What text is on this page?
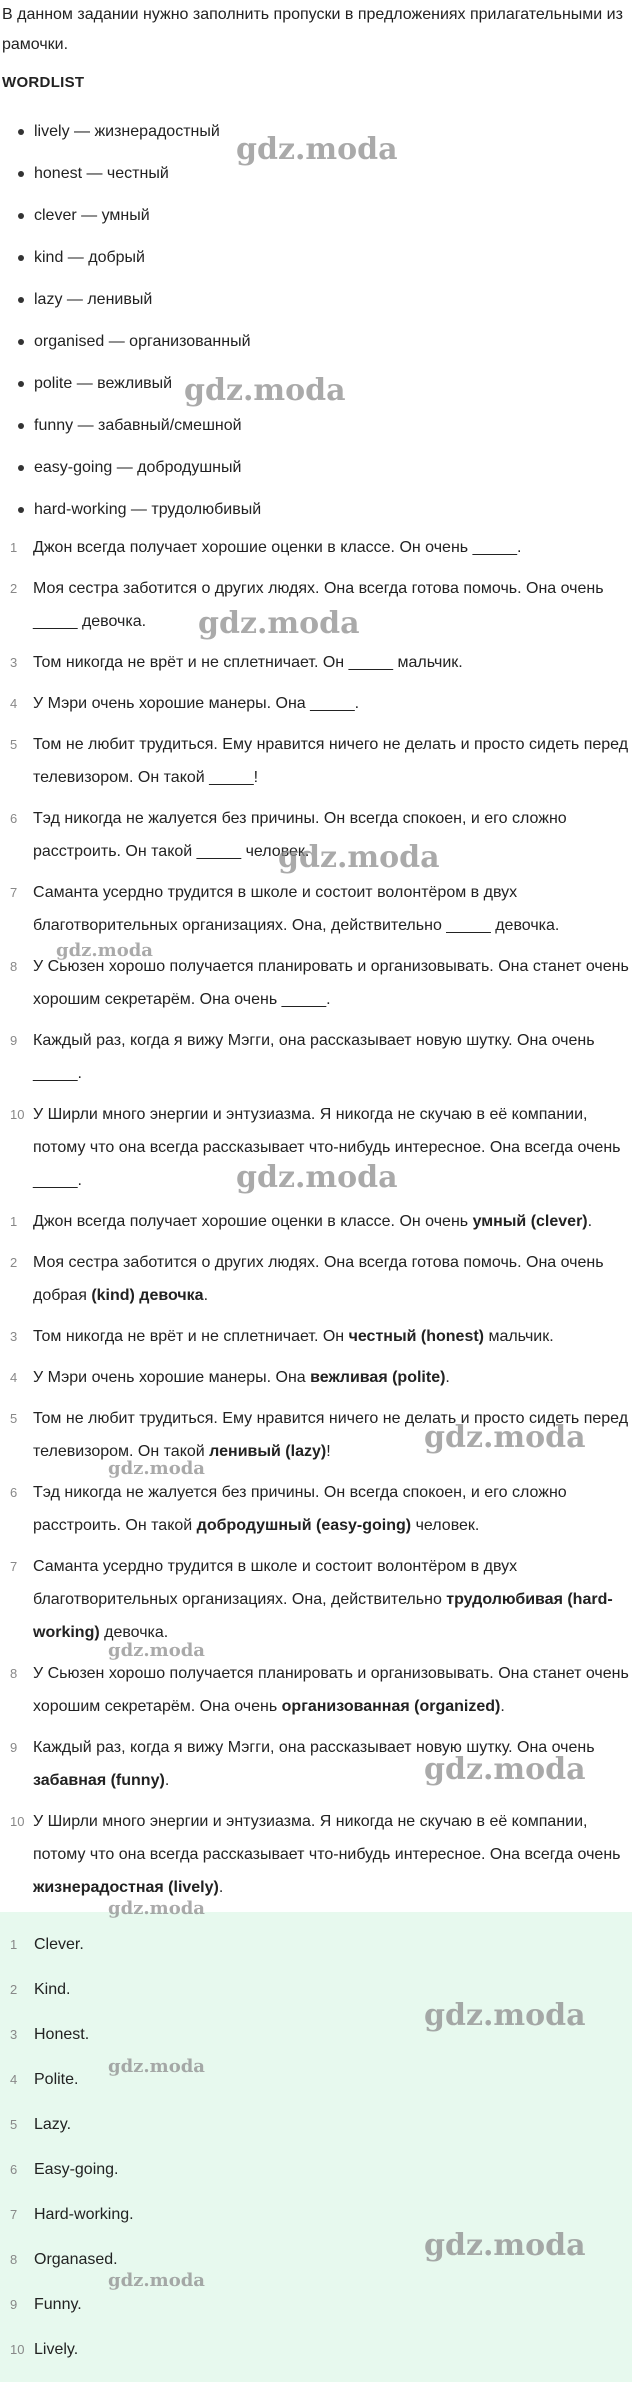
В данном задании нужно заполнить пропуски в предложениях прилагательными из рамочки.

WORDLIST
lively — жизнерадостный
honest — честный
clever — умный
kind — добрый
lazy — ленивый
organised — организованный
polite — вежливый
funny — забавный/смешной
easy-going — добродушный
hard-working — трудолюбивый
1 Джон всегда получает хорошие оценки в классе. Он очень _____.
2 Моя сестра заботится о других людях. Она всегда готова помочь. Она очень _____ девочка.
3 Том никогда не врёт и не сплетничает. Он _____ мальчик.
4 У Мэри очень хорошие манеры. Она _____.
5 Том не любит трудиться. Ему нравится ничего не делать и просто сидеть перед телевизором. Он такой _____!
6 Тэд никогда не жалуется без причины. Он всегда спокоен, и его сложно расстроить. Он такой _____ человек.
7 Саманта усердно трудится в школе и состоит волонтёром в двух благотворительных организациях. Она, действительно _____ девочка.
8 У Сьюзен хорошо получается планировать и организовывать. Она станет очень хорошим секретарём. Она очень _____.
9 Каждый раз, когда я вижу Мэгги, она рассказывает новую шутку. Она очень _____.
10 У Ширли много энергии и энтузиазма. Я никогда не скучаю в её компании, потому что она всегда рассказывает что-нибудь интересное. Она всегда очень _____.
1 Джон всегда получает хорошие оценки в классе. Он очень умный (clever).
2 Моя сестра заботится о других людях. Она всегда готова помочь. Она очень добрая (kind) девочка.
3 Том никогда не врёт и не сплетничает. Он честный (honest) мальчик.
4 У Мэри очень хорошие манеры. Она вежливая (polite).
5 Том не любит трудиться. Ему нравится ничего не делать и просто сидеть перед телевизором. Он такой ленивый (lazy)!
6 Тэд никогда не жалуется без причины. Он всегда спокоен, и его сложно расстроить. Он такой добродушный (easy-going) человек.
7 Саманта усердно трудится в школе и состоит волонтёром в двух благотворительных организациях. Она, действительно трудолюбивая (hard-working) девочка.
8 У Сьюзен хорошо получается планировать и организовывать. Она станет очень хорошим секретарём. Она очень организованная (organized).
9 Каждый раз, когда я вижу Мэгги, она рассказывает новую шутку. Она очень забавная (funny).
10 У Ширли много энергии и энтузиазма. Я никогда не скучаю в её компании, потому что она всегда рассказывает что-нибудь интересное. Она всегда очень жизнерадостная (lively).
1 Clever.
2 Kind.
3 Honest.
4 Polite.
5 Lazy.
6 Easy-going.
7 Hard-working.
8 Organased.
9 Funny.
10 Lively.
gdz.moda
gdz.moda
gdz.moda
gdz.moda
gdz.moda
gdz.moda
gdz.moda
gdz.moda
gdz.moda
gdz.moda
gdz.moda
gdz.moda
gdz.moda
gdz.moda
gdz.moda
